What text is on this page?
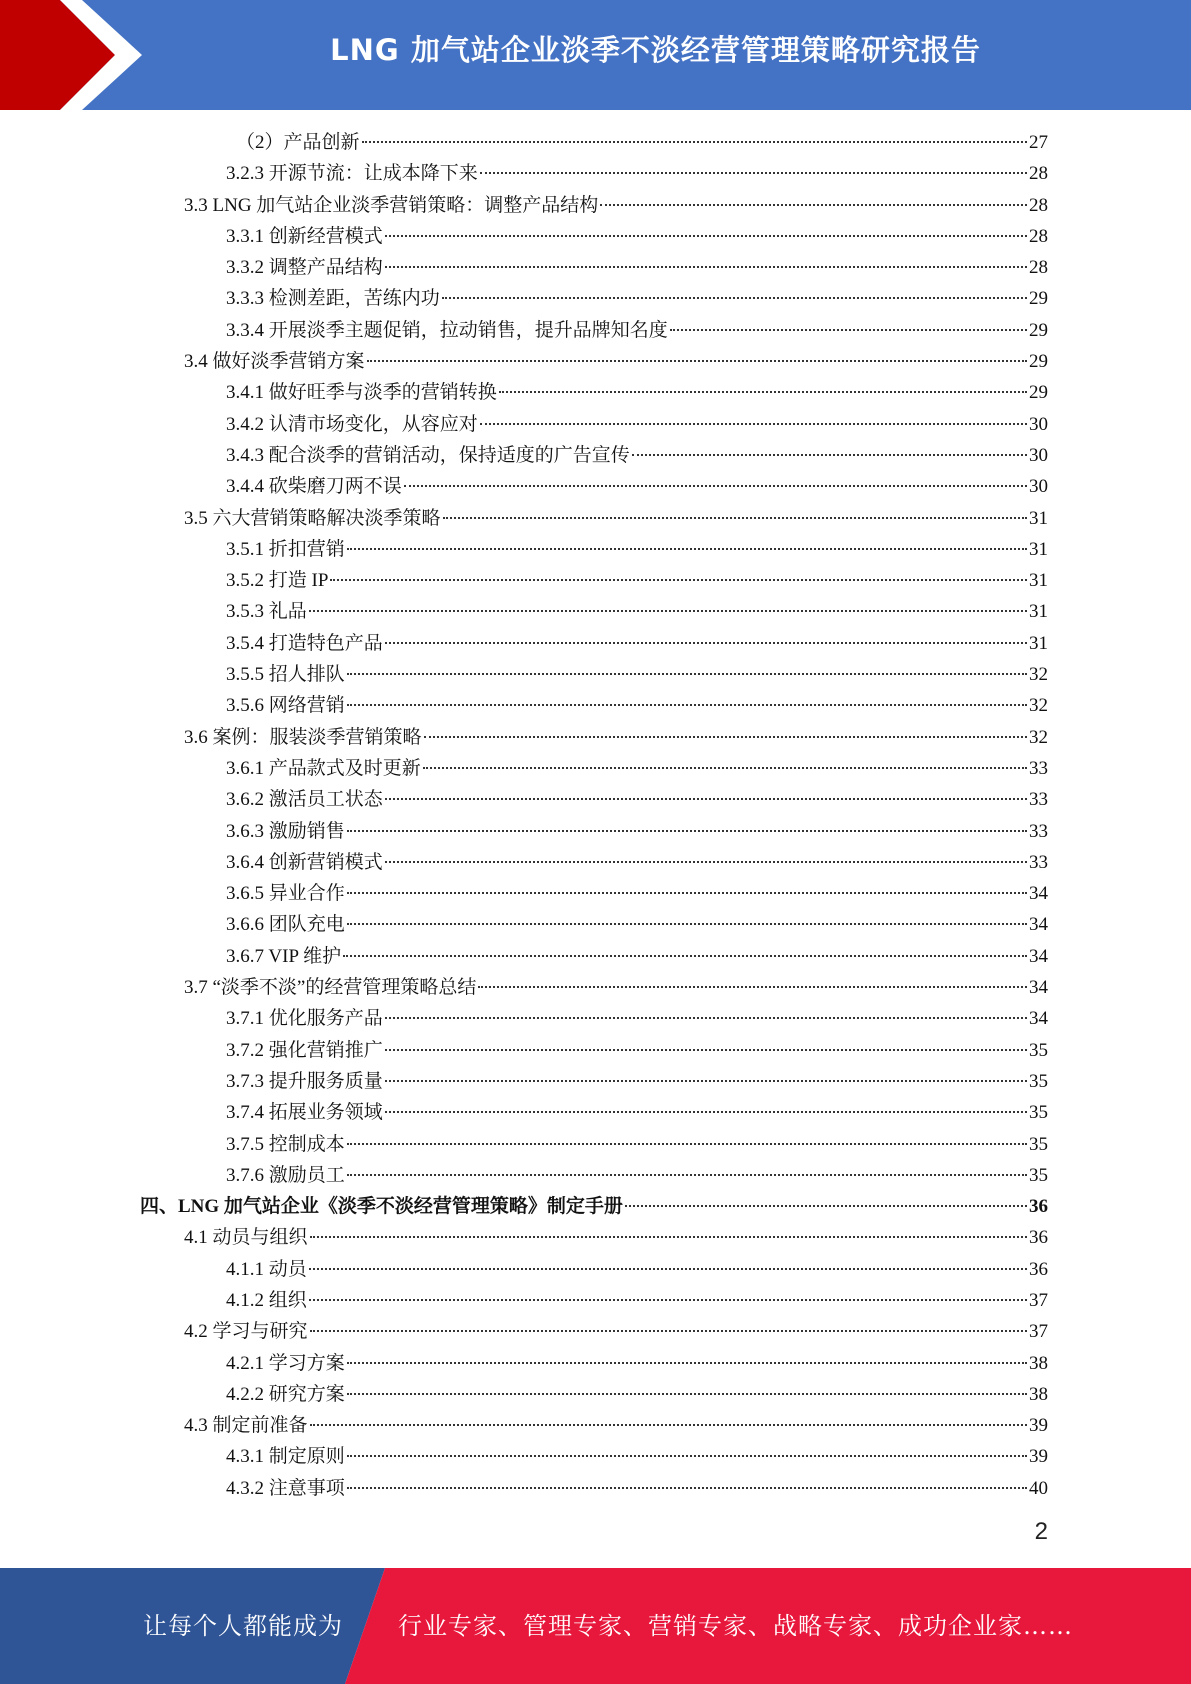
LNG 加气站企业淡季不淡经营管理策略研究报告
（2）产品创新	27
3.2.3 开源节流：让成本降下来	28
3.3 LNG 加气站企业淡季营销策略：调整产品结构	28
3.3.1 创新经营模式	28
3.3.2 调整产品结构	28
3.3.3 检测差距，苦练内功	29
3.3.4 开展淡季主题促销，拉动销售，提升品牌知名度	29
3.4 做好淡季营销方案	29
3.4.1 做好旺季与淡季的营销转换	29
3.4.2 认清市场变化，从容应对	30
3.4.3 配合淡季的营销活动，保持适度的广告宣传	30
3.4.4 砍柴磨刀两不误	30
3.5 六大营销策略解决淡季策略	31
3.5.1 折扣营销	31
3.5.2 打造 IP	31
3.5.3 礼品	31
3.5.4 打造特色产品	31
3.5.5 招人排队	32
3.5.6 网络营销	32
3.6 案例：服装淡季营销策略	32
3.6.1 产品款式及时更新	33
3.6.2 激活员工状态	33
3.6.3 激励销售	33
3.6.4 创新营销模式	33
3.6.5 异业合作	34
3.6.6 团队充电	34
3.6.7 VIP 维护	34
3.7 “淡季不淡”的经营管理策略总结	34
3.7.1 优化服务产品	34
3.7.2 强化营销推广	35
3.7.3 提升服务质量	35
3.7.4 拓展业务领域	35
3.7.5 控制成本	35
3.7.6 激励员工	35
四、LNG 加气站企业《淡季不淡经营管理策略》制定手册	36
4.1 动员与组织	36
4.1.1 动员	36
4.1.2 组织	37
4.2 学习与研究	37
4.2.1 学习方案	38
4.2.2 研究方案	38
4.3 制定前准备	39
4.3.1 制定原则	39
4.3.2 注意事项	40
2
让每个人都能成为 行业专家、管理专家、营销专家、战略专家、成功企业家……
